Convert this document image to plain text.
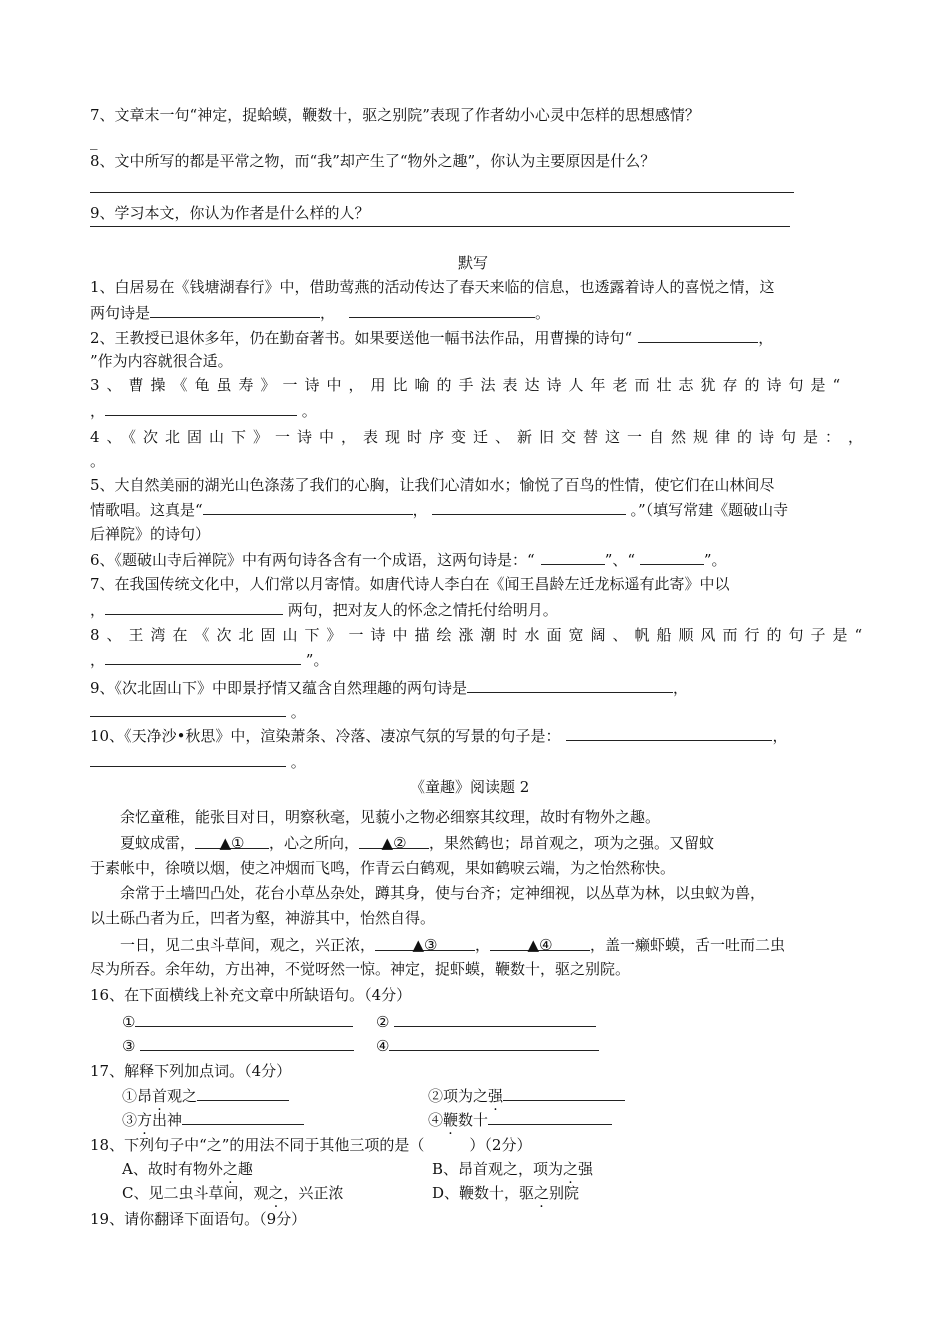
7、文章末一句“神定，捉蛤蟆，鞭数十，驱之别院”表现了作者幼小心灵中怎样的思想感情？
_
8、文中所写的都是平常之物，而“我”却产生了“物外之趣”，你认为主要原因是什么？
9、学习本文，你认为作者是什么样的人？
默写
1、白居易在《钱塘湖春行》中，借助莺燕的活动传达了春天来临的信息，也透露着诗人的喜悦之情，这
两句诗是	，	。
2、王教授已退休多年，仍在勤奋著书。如果要送他一幅书法作品，用曹操的诗句“	，
”作为内容就很合适。
3、曹操《龟虽寿》一诗中，用比喻的手法表达诗人年老而壮志犹存的诗句是“
，	。
4、《次北固山下》一诗中，表现时序变迁、新旧交替这一自然规律的诗句是： ，
。
5、大自然美丽的湖光山色涤荡了我们的心胸，让我们心清如水；愉悦了百鸟的性情，使它们在山林间尽
情歌唱。这真是“	，	。”（填写常建《题破山寺
后禅院》的诗句）
6、《题破山寺后禅院》中有两句诗各含有一个成语，这两句诗是：“	”、“	”。
7、在我国传统文化中，人们常以月寄情。如唐代诗人李白在《闻王昌龄左迁龙标遥有此寄》中以
，	两句，把对友人的怀念之情托付给明月。
8、王湾在《次北固山下》一诗中描绘涨潮时水面宽阔、帆船顺风而行的句子是“
，	”。
9、《次北固山下》中即景抒情又蕴含自然理趣的两句诗是	，
。
10、《天净沙•秋思》中，渲染萧条、冷落、凄凉气氛的写景的句子是：	，
。
《童趣》阅读题 2
余忆童稚，能张目对日，明察秋毫，见藐小之物必细察其纹理，故时有物外之趣。
夏蚊成雷， ▲① ，心之所向， ▲② ，果然鹤也；昂首观之，项为之强。又留蚊
于素帐中，徐喷以烟，使之冲烟而飞鸣，作青云白鹤观，果如鹤唳云端，为之怡然称快。
余常于土墙凹凸处，花台小草丛杂处，蹲其身，使与台齐；定神细视，以丛草为林，以虫蚁为兽，
以土砾凸者为丘，凹者为壑，神游其中，怡然自得。
一日，见二虫斗草间，观之，兴正浓，	▲③	，	▲④	，盖一癞虾蟆，舌一吐而二虫
尽为所吞。余年幼，方出神，不觉呀然一惊。神定，捉虾蟆，鞭数十，驱之别院。
16、在下面横线上补充文章中所缺语句。（4分）
①	②
③	④
17、解释下列加点词。（4分）
①昂首观之	②项为之强
③方出神	④鞭数十
18、下列句子中“之”的用法不同于其他三项的是（　　　）（2分）
A、故时有物外之趣	B、昂首观之，项为之强
C、见二虫斗草间，观之，兴正浓	D、鞭数十，驱之别院
19、请你翻译下面语句。（9分）
